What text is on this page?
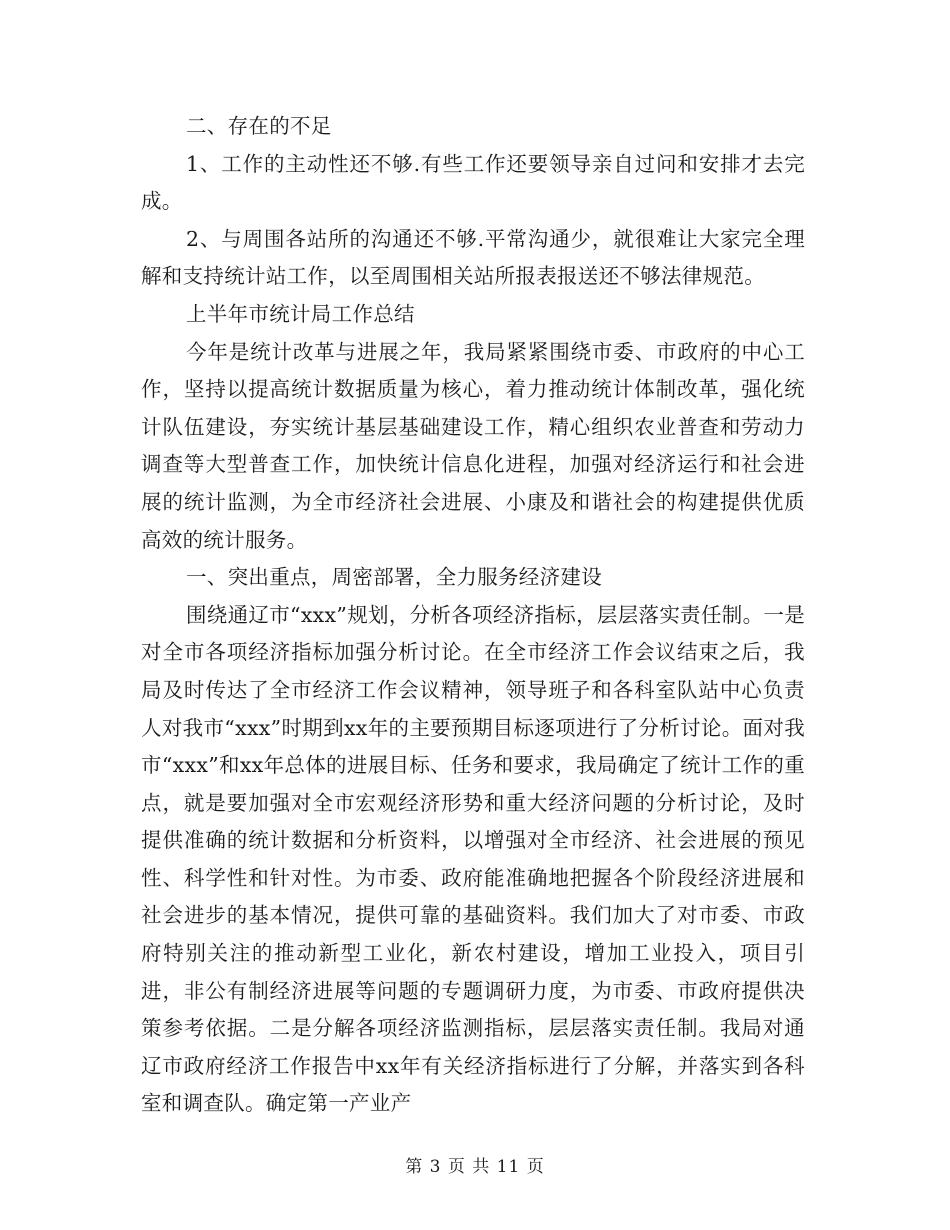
二、存在的不足

1、工作的主动性还不够.有些工作还要领导亲自过问和安排才去完成。

2、与周围各站所的沟通还不够.平常沟通少，就很难让大家完全理解和支持统计站工作，以至周围相关站所报表报送还不够法律规范。

上半年市统计局工作总结

今年是统计改革与进展之年，我局紧紧围绕市委、市政府的中心工作，坚持以提高统计数据质量为核心，着力推动统计体制改革，强化统计队伍建设，夯实统计基层基础建设工作，精心组织农业普查和劳动力调查等大型普查工作，加快统计信息化进程，加强对经济运行和社会进展的统计监测，为全市经济社会进展、小康及和谐社会的构建提供优质高效的统计服务。

一、突出重点，周密部署，全力服务经济建设

围绕通辽市“xxx”规划，分析各项经济指标，层层落实责任制。一是对全市各项经济指标加强分析讨论。在全市经济工作会议结束之后，我局及时传达了全市经济工作会议精神，领导班子和各科室队站中心负责人对我市“xxx”时期到xx年的主要预期目标逐项进行了分析讨论。面对我市“xxx”和xx年总体的进展目标、任务和要求，我局确定了统计工作的重点，就是要加强对全市宏观经济形势和重大经济问题的分析讨论，及时提供准确的统计数据和分析资料，以增强对全市经济、社会进展的预见性、科学性和针对性。为市委、政府能准确地把握各个阶段经济进展和社会进步的基本情况，提供可靠的基础资料。我们加大了对市委、市政府特别关注的推动新型工业化，新农村建设，增加工业投入，项目引进，非公有制经济进展等问题的专题调研力度，为市委、市政府提供决策参考依据。二是分解各项经济监测指标，层层落实责任制。我局对通辽市政府经济工作报告中xx年有关经济指标进行了分解，并落实到各科室和调查队。确定第一产业产

第 3 页 共 11 页
